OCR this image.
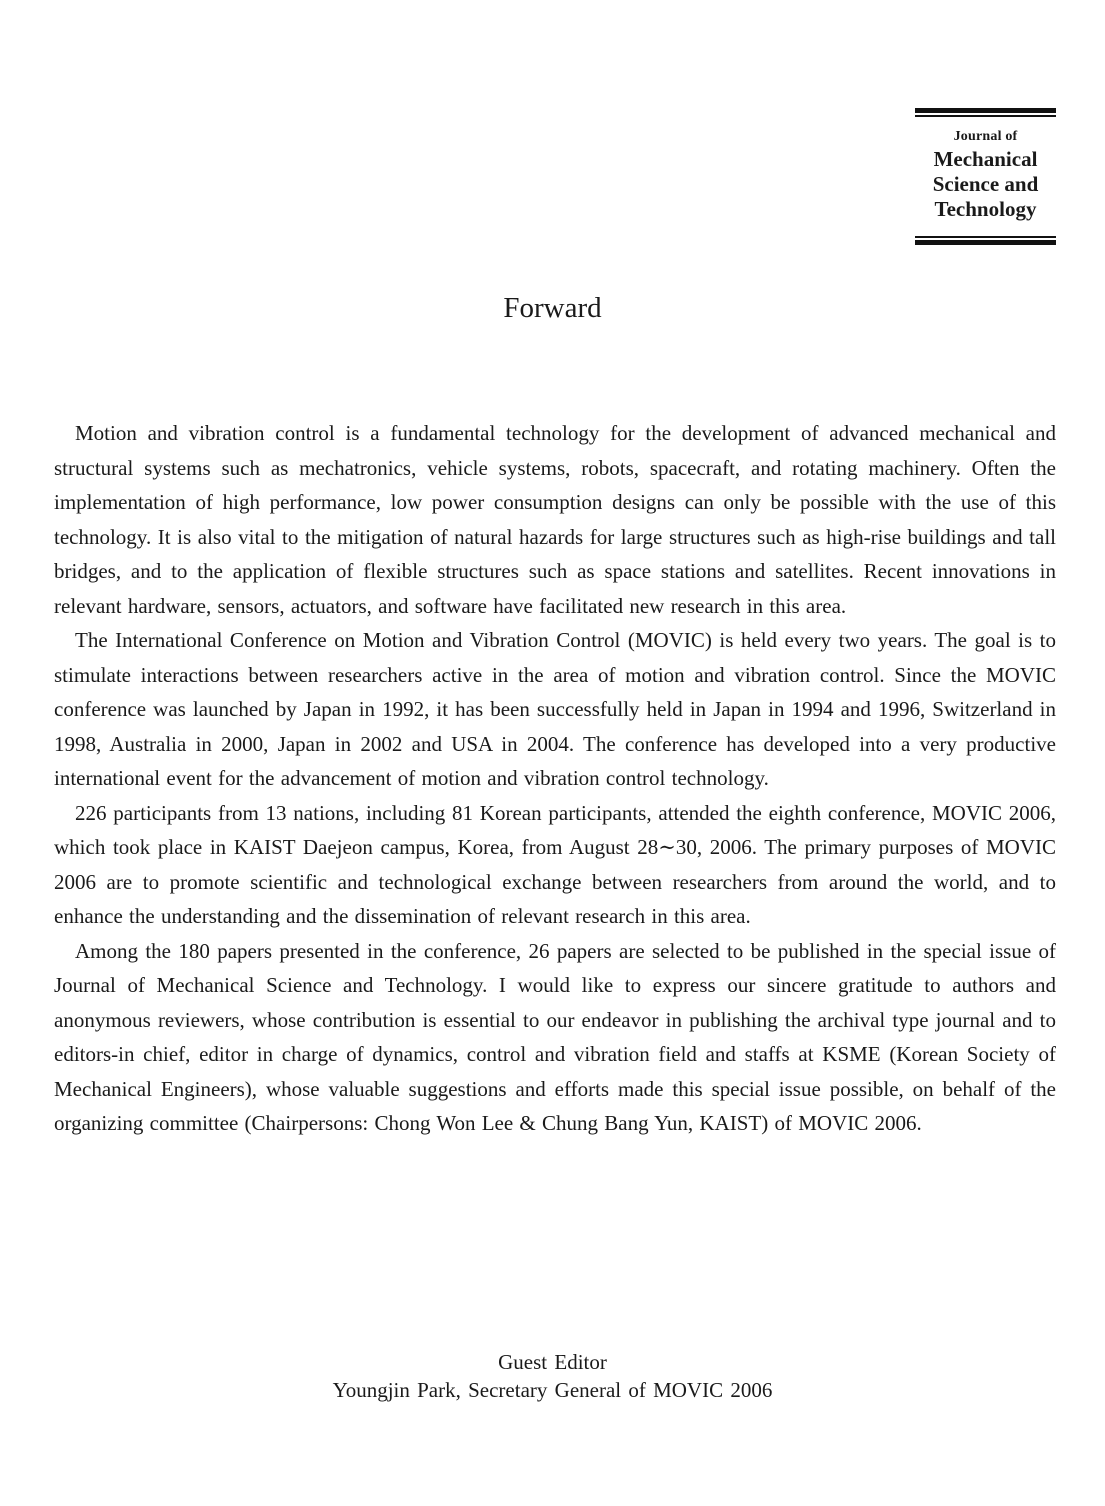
Journal of
Mechanical
Science and
Technology
Forward

Motion and vibration control is a fundamental technology for the development of advanced mechanical and structural systems such as mechatronics, vehicle systems, robots, spacecraft, and rotating machinery. Often the implementation of high performance, low power consumption designs can only be possible with the use of this technology. It is also vital to the mitigation of natural hazards for large structures such as high-rise buildings and tall bridges, and to the application of flexible structures such as space stations and satellites. Recent innovations in relevant hardware, sensors, actuators, and software have facilitated new research in this area.

The International Conference on Motion and Vibration Control (MOVIC) is held every two years. The goal is to stimulate interactions between researchers active in the area of motion and vibration control. Since the MOVIC conference was launched by Japan in 1992, it has been successfully held in Japan in 1994 and 1996, Switzerland in 1998, Australia in 2000, Japan in 2002 and USA in 2004. The conference has developed into a very productive international event for the advancement of motion and vibration control technology.

226 participants from 13 nations, including 81 Korean participants, attended the eighth conference, MOVIC 2006, which took place in KAIST Daejeon campus, Korea, from August 28∼30, 2006. The primary purposes of MOVIC 2006 are to promote scientific and technological exchange between researchers from around the world, and to enhance the understanding and the dissemination of relevant research in this area.

Among the 180 papers presented in the conference, 26 papers are selected to be published in the special issue of Journal of Mechanical Science and Technology. I would like to express our sincere gratitude to authors and anonymous reviewers, whose contribution is essential to our endeavor in publishing the archival type journal and to editors-in chief, editor in charge of dynamics, control and vibration field and staffs at KSME (Korean Society of Mechanical Engineers), whose valuable suggestions and efforts made this special issue possible, on behalf of the organizing committee (Chairpersons: Chong Won Lee & Chung Bang Yun, KAIST) of MOVIC 2006.

Guest Editor
Youngjin Park, Secretary General of MOVIC 2006
